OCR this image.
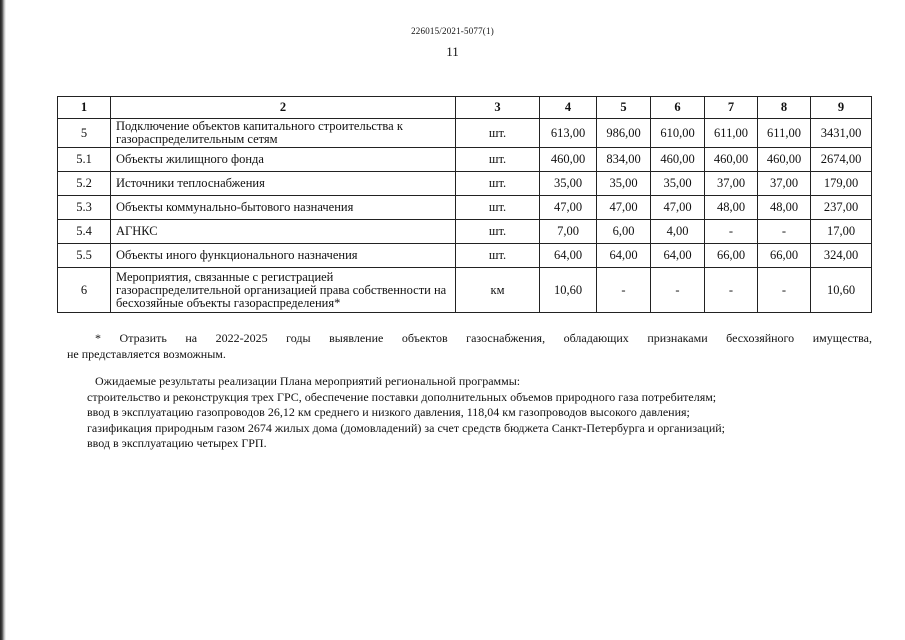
226015/2021-5077(1)
11
1	2	3	4	5	6	7	8	9
5	Подключение объектов капитального строительства к газораспределительным сетям	шт.	613,00	986,00	610,00	611,00	611,00	3431,00
5.1	Объекты жилищного фонда	шт.	460,00	834,00	460,00	460,00	460,00	2674,00
5.2	Источники теплоснабжения	шт.	35,00	35,00	35,00	37,00	37,00	179,00
5.3	Объекты коммунально-бытового назначения	шт.	47,00	47,00	47,00	48,00	48,00	237,00
5.4	АГНКС	шт.	7,00	6,00	4,00	-	-	17,00
5.5	Объекты иного функционального назначения	шт.	64,00	64,00	64,00	66,00	66,00	324,00
6	Мероприятия, связанные с регистрацией газораспределительной организацией права собственности на бесхозяйные объекты газораспределения*	км	10,60	-	-	-	-	10,60
* Отразить на 2022-2025 годы выявление объектов газоснабжения, обладающих признаками бесхозяйного имущества,
не представляется возможным.
Ожидаемые результаты реализации Плана мероприятий региональной программы:
строительство и реконструкция трех ГРС, обеспечение поставки дополнительных объемов природного газа потребителям;
ввод в эксплуатацию газопроводов 26,12 км среднего и низкого давления, 118,04 км газопроводов высокого давления;
газификация природным газом 2674 жилых дома (домовладений) за счет средств бюджета Санкт-Петербурга и организаций;
ввод в эксплуатацию четырех ГРП.
